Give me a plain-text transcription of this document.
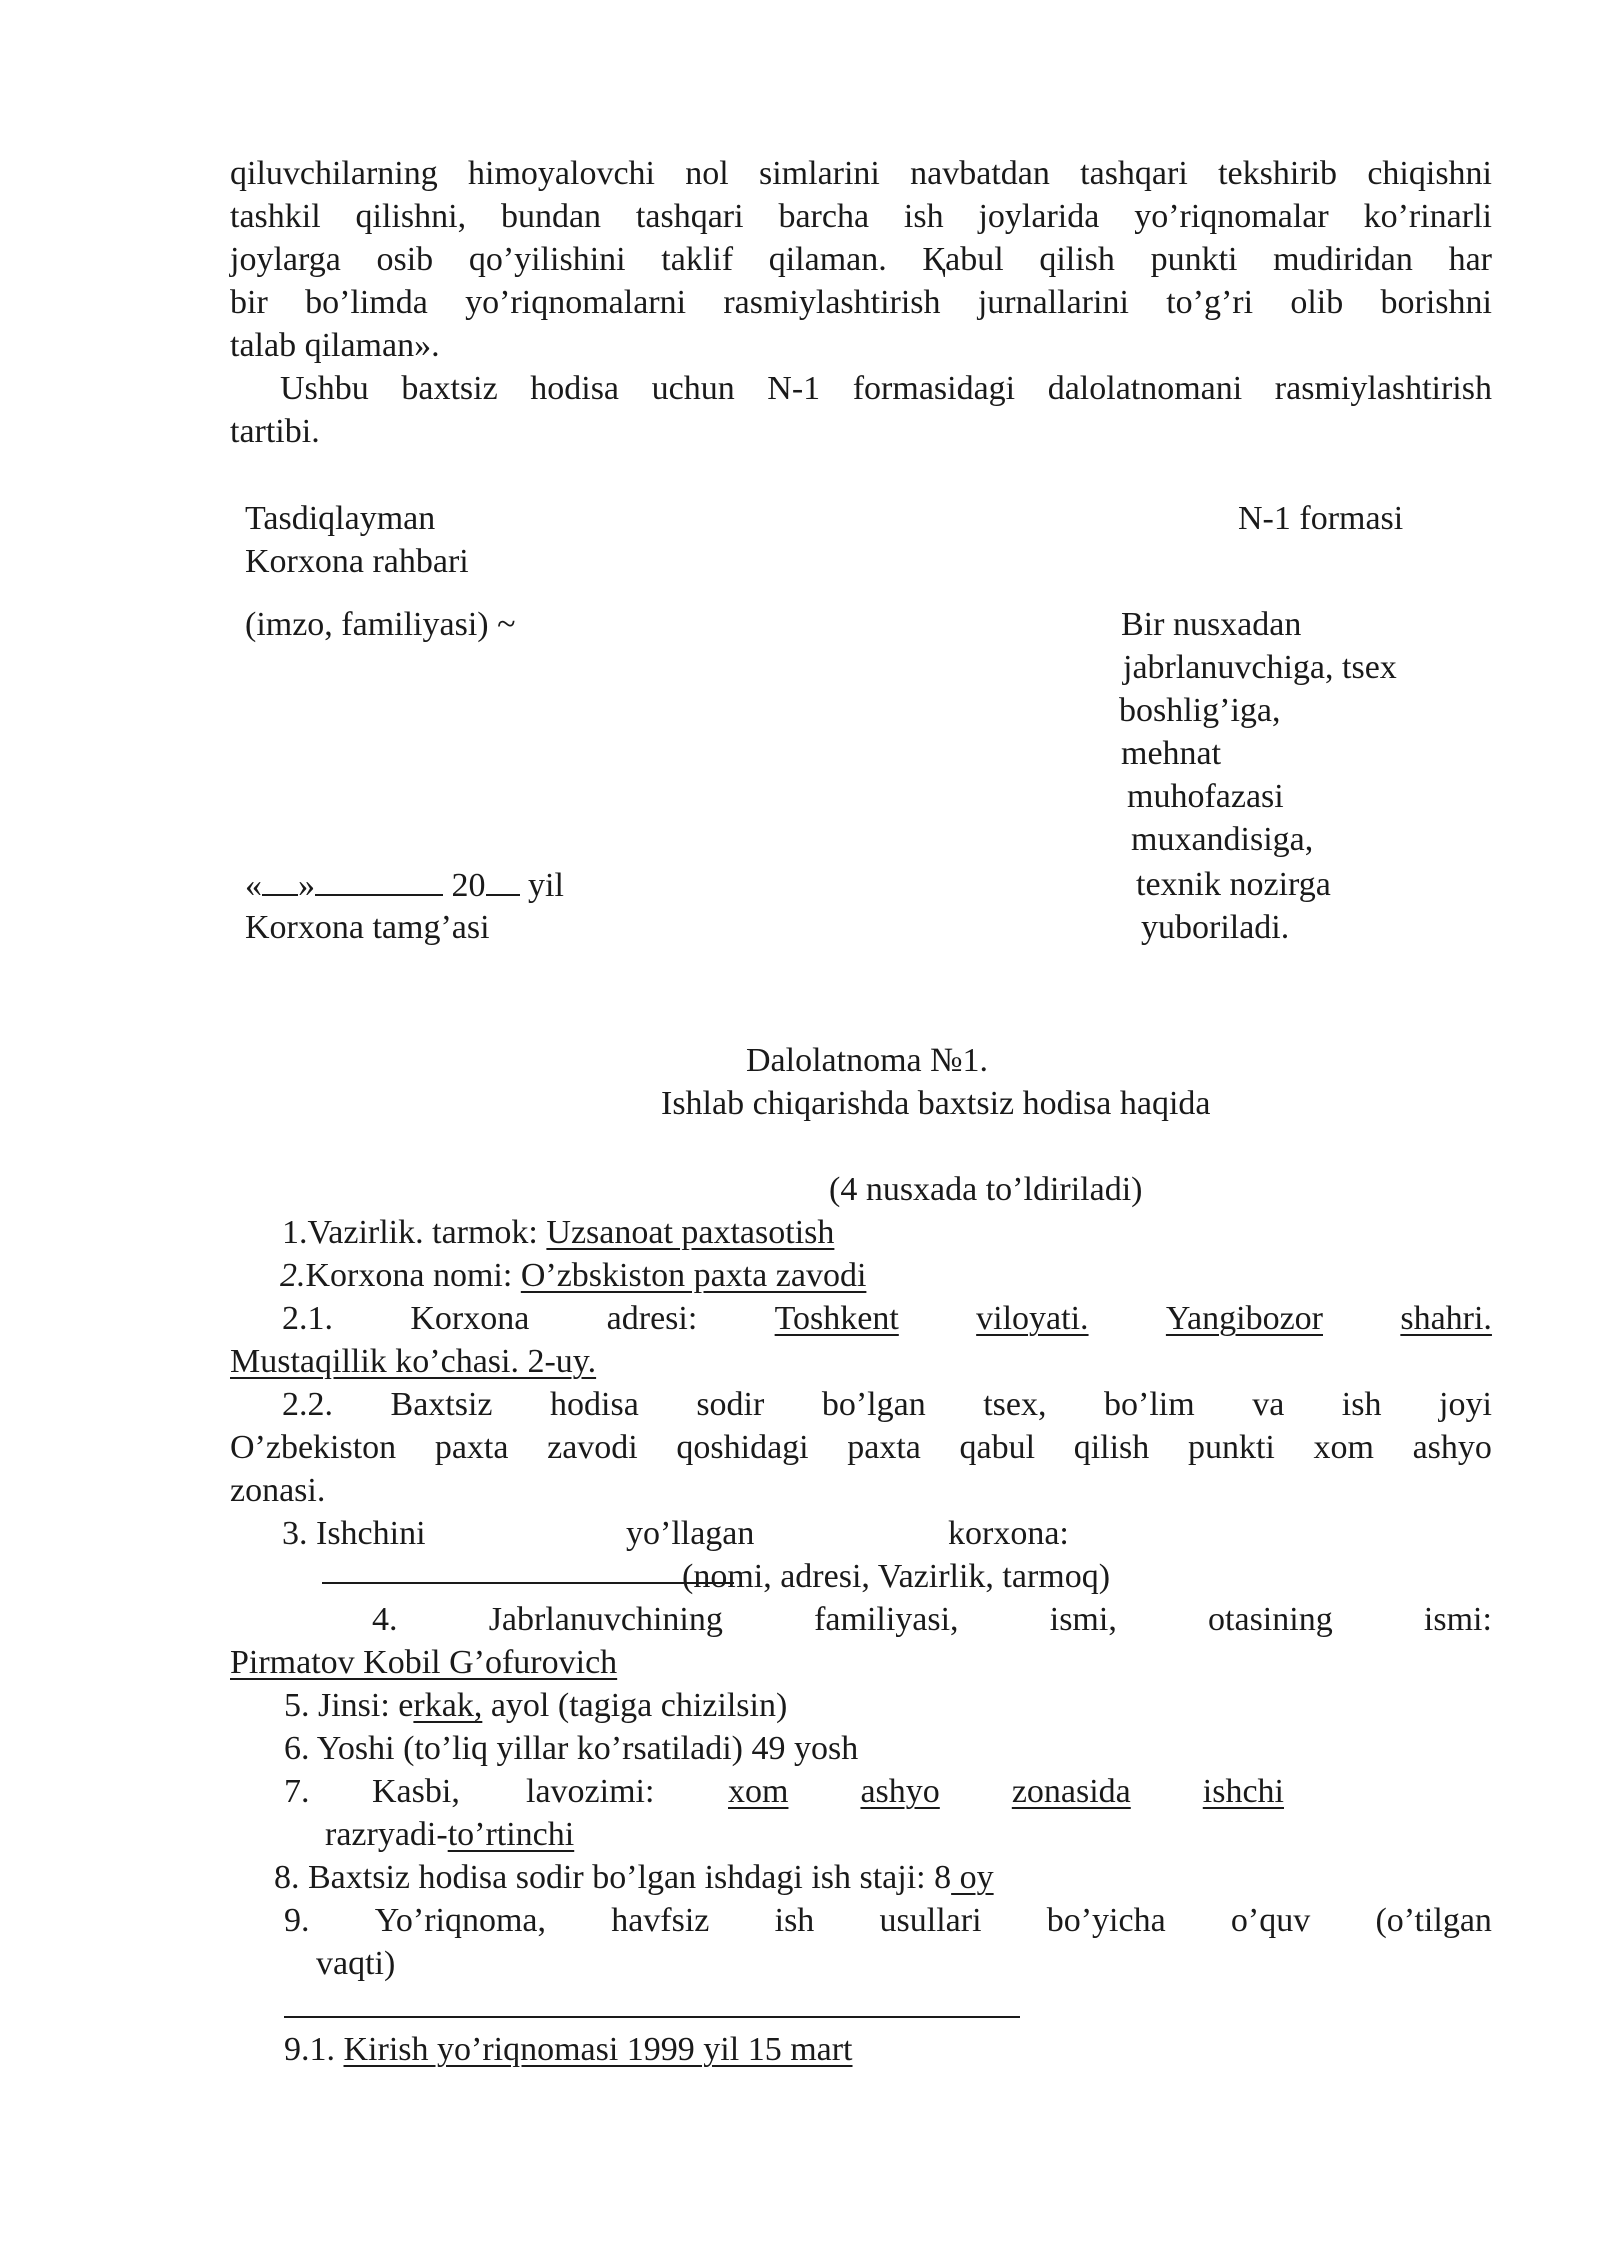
qiluvchilarning himoyalovchi nol simlarini navbatdan tashqari tekshirib chiqishni
tashkil qilishni, bundan tashqari barcha ish joylarida yo’riqnomalar ko’rinarli
joylarga osib qo’yilishini taklif qilaman. Қabul qilish punkti mudiridan har
bir bo’limda yo’riqnomalarni rasmiylashtirish jurnallarini to’g’ri olib borishni
talab qilaman».
Ushbu baxtsiz hodisa uchun N-1 formasidagi dalolatnomani rasmiylashtirish
tartibi.
Tasdiqlayman	N-1 formasi
Korxona rahbari
(imzo, familiyasi) ~
« »	20 yil
Korxona tamg’asi
Bir nusxadan
jabrlanuvchiga, tsex
boshlig’iga,
mehnat
muhofazasi
muxandisiga,
texnik nozirga
yuboriladi.
Dalolatnoma №1.
Ishlab chiqarishda baxtsiz hodisa haqida
(4 nusxada to’ldiriladi)
1.Vazirlik. tarmok: Uzsanoat paxtasotish
2.Korxona nomi: O’zbskiston paxta zavodi
2.1. Korxona adresi: Toshkent viloyati. Yangibozor shahri.
Mustaqillik ko’chasi. 2-uy.
2.2. Baxtsiz hodisa sodir bo’lgan tsex, bo’lim va ish joyi
O’zbekiston paxta zavodi qoshidagi paxta qabul qilish punkti xom ashyo
zonasi.
3. Ishchini	yo’llagan	korxona:
(nomi, adresi, Vazirlik, tarmoq)
4.	Jabrlanuvchining	familiyasi,	ismi,	otasining	ismi:
Pirmatov Kobil G’ofurovich
5. Jinsi: erkak, ayol (tagiga chizilsin)
6. Yoshi (to’liq yillar ko’rsatiladi) 49 yosh
7. Kasbi, lavozimi: xom ashyo zonasida ishchi
razryadi-to’rtinchi
8. Baxtsiz hodisa sodir bo’lgan ishdagi ish staji: 8 oy
9. Yo’riqnoma, havfsiz ish usullari bo’yicha o’quv (o’tilgan
vaqti)
9.1. Kirish yo’riqnomasi 1999 yil 15 mart
